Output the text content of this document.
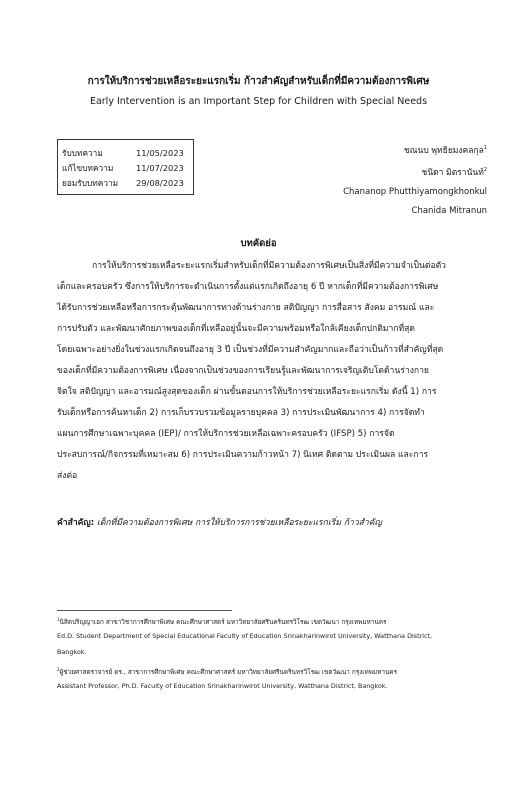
การให้บริการช่วยเหลือระยะแรกเริ่ม ก้าวสำคัญสำหรับเด็กที่มีความต้องการพิเศษ
Early Intervention is an Important Step for Children with Special Needs
รับบทความ	11/05/2023
แก้ไขบทความ	11/07/2023
ยอมรับบทความ 29/08/2023
ชณนบ พุทธิยมงคลกุล$^1$
ชนิดา มิตรานันท์$^2$
Chananop Phutthiyamongkhonkul
Chanida Mitranun
บทคัดย่อ
การให้บริการช่วยเหลือระยะแรกเริ่มสำหรับเด็กที่มีความต้องการพิเศษเป็นสิ่งที่มีความจำเป็นต่อตัว
เด็กและครอบครัว ซึ่งการให้บริการจะดำเนินการตั้งแต่แรกเกิดถึงอายุ 6 ปี หากเด็กที่มีความต้องการพิเศษ
ได้รับการช่วยเหลือหรือการกระตุ้นพัฒนาการทางด้านร่างกาย สติปัญญา การสื่อสาร สังคม อารมณ์ และ
การปรับตัว และพัฒนาศักยภาพของเด็กที่เหลืออยู่นั้นจะมีความพร้อมหรือใกล้เคียงเด็กปกติมากที่สุด
โดยเฉพาะอย่างยิ่งในช่วงแรกเกิดจนถึงอายุ 3 ปี เป็นช่วงที่มีความสำคัญมากและถือว่าเป็นก้าวที่สำคัญที่สุด
ของเด็กที่มีความต้องการพิเศษ เนื่องจากเป็นช่วงของการเรียนรู้และพัฒนาการเจริญเติบโตด้านร่างกาย
จิตใจ สติปัญญา และอารมณ์สูงสุดของเด็ก ผ่านขั้นตอนการให้บริการช่วยเหลือระยะแรกเริ่ม ดังนี้ 1) การ
รับเด็กหรือการค้นหาเด็ก 2) การเก็บรวบรวมข้อมูลรายบุคคล 3) การประเมินพัฒนาการ 4) การจัดทำ
แผนการศึกษาเฉพาะบุคคล (IEP)/ การให้บริการช่วยเหลือเฉพาะครอบครัว (IFSP) 5) การจัด
ประสบการณ์/กิจกรรมที่เหมาะสม 6) การประเมินความก้าวหน้า 7) นิเทศ ติดตาม ประเมินผล และการ
ส่งต่อ
คำสำคัญ: เด็กที่มีความต้องการพิเศษ การให้บริการการช่วยเหลือระยะแรกเริ่ม ก้าวสำคัญ
$^1$นิสิตปริญญาเอก สาขาวิชาการศึกษาพิเศษ คณะศึกษาศาสตร์ มหาวิทยาลัยศรีนครินทรวิโรฒ เขตวัฒนา กรุงเทพมหานคร
Ed.D. Student Department of Special Educational Faculty of Education Srinakharinwirot University, Watthana District,
Bangkok.
$^2$ผู้ช่วยศาสตราจารย์ ดร., สาขาการศึกษาพิเศษ คณะศึกษาศาสตร์ มหาวิทยาลัยศรีนครินทรวิโรฒ เขตวัฒนา กรุงเทพมหานคร
Assistant Professor, Ph.D. Faculty of Education Srinakharinwirot University, Watthana District, Bangkok.
